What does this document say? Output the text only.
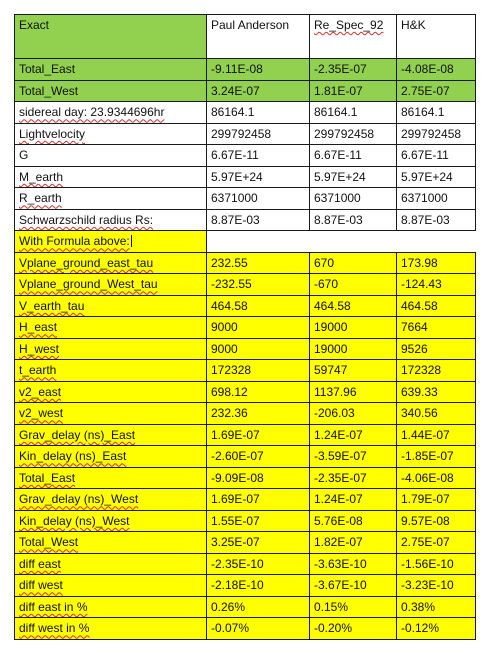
Exact	Paul Anderson	Re_Spec_92	H&K
Total_East	-9.11E-08	-2.35E-07	-4.08E-08
Total_West	3.24E-07	1.81E-07	2.75E-07
sidereal day: 23.9344696hr	86164.1	86164.1	86164.1
Lightvelocity	299792458	299792458	299792458
G	6.67E-11	6.67E-11	6.67E-11
M_earth	5.97E+24	5.97E+24	5.97E+24
R_earth	6371000	6371000	6371000
Schwarzschild radius Rs:	8.87E-03	8.87E-03	8.87E-03
With Formula above:			
Vplane_ground_east_tau	232.55	670	173.98
Vplane_ground_West_tau	-232.55	-670	-124.43
V_earth_tau	464.58	464.58	464.58
H_east	9000	19000	7664
H_west	9000	19000	9526
t_earth	172328	59747	172328
v2_east	698.12	1137.96	639.33
v2_west	232.36	-206.03	340.56
Grav_delay (ns)_East	1.69E-07	1.24E-07	1.44E-07
Kin_delay (ns)_East	-2.60E-07	-3.59E-07	-1.85E-07
Total_East	-9.09E-08	-2.35E-07	-4.06E-08
Grav_delay (ns)_West	1.69E-07	1.24E-07	1.79E-07
Kin_delay (ns)_West	1.55E-07	5.76E-08	9.57E-08
Total_West	3.25E-07	1.82E-07	2.75E-07
diff east	-2.35E-10	-3.63E-10	-1.56E-10
diff west	-2.18E-10	-3.67E-10	-3.23E-10
diff east in %	0.26%	0.15%	0.38%
diff west in %	-0.07%	-0.20%	-0.12%
